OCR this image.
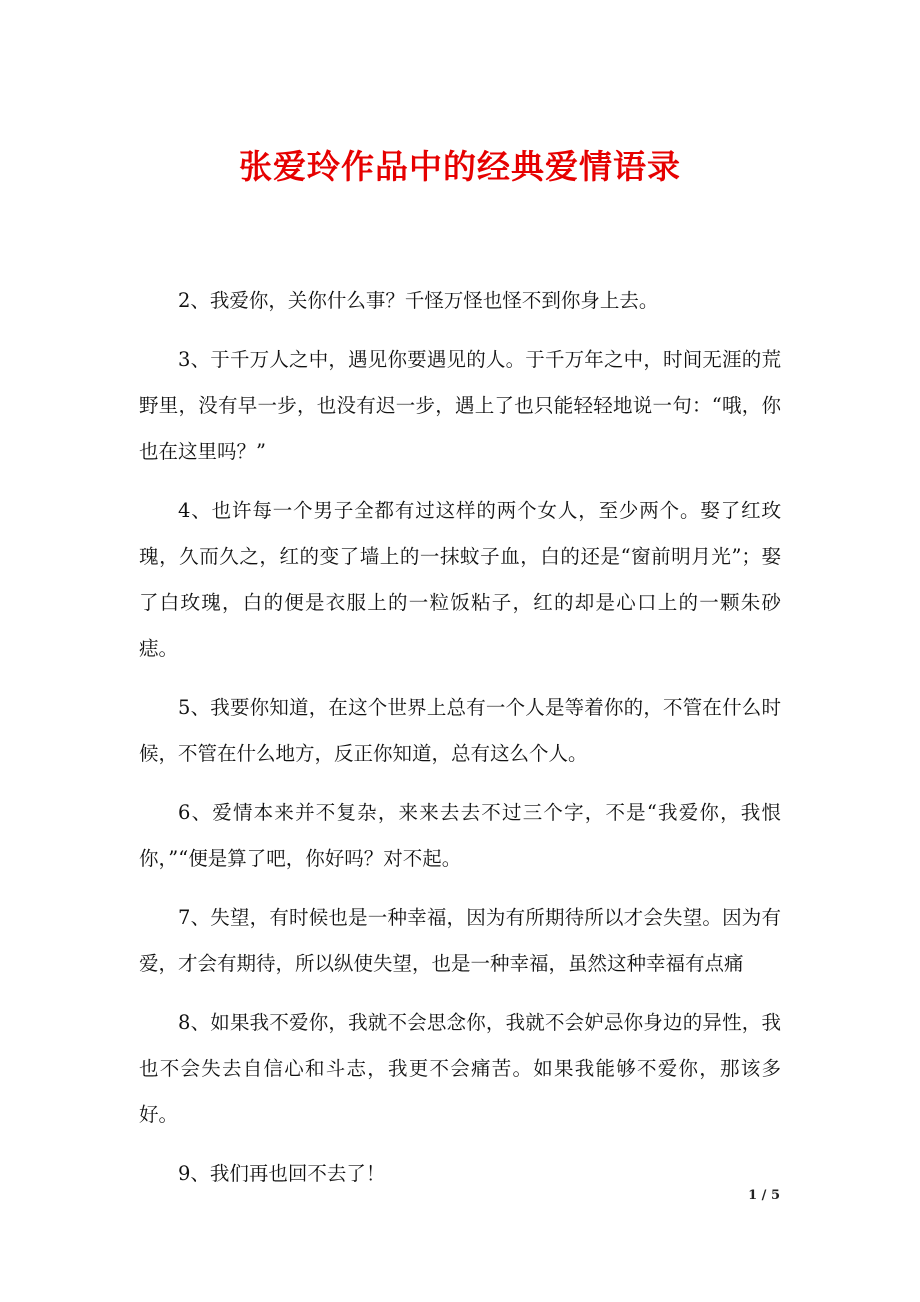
张爱玲作品中的经典爱情语录

2、我爱你，关你什么事？千怪万怪也怪不到你身上去。

3、于千万人之中，遇见你要遇见的人。于千万年之中，时间无涯的荒野里，没有早一步，也没有迟一步，遇上了也只能轻轻地说一句：“哦，你也在这里吗？”

4、也许每一个男子全都有过这样的两个女人，至少两个。娶了红玫瑰，久而久之，红的变了墙上的一抹蚊子血，白的还是“窗前明月光”；娶了白玫瑰，白的便是衣服上的一粒饭粘子，红的却是心口上的一颗朱砂痣。

5、我要你知道，在这个世界上总有一个人是等着你的，不管在什么时候，不管在什么地方，反正你知道，总有这么个人。

6、爱情本来并不复杂，来来去去不过三个字，不是“我爱你，我恨你，”“便是算了吧，你好吗？对不起。

7、失望，有时候也是一种幸福，因为有所期待所以才会失望。因为有爱，才会有期待，所以纵使失望，也是一种幸福，虽然这种幸福有点痛

8、如果我不爱你，我就不会思念你，我就不会妒忌你身边的异性，我也不会失去自信心和斗志，我更不会痛苦。如果我能够不爱你，那该多好。

9、我们再也回不去了！

1 / 5
